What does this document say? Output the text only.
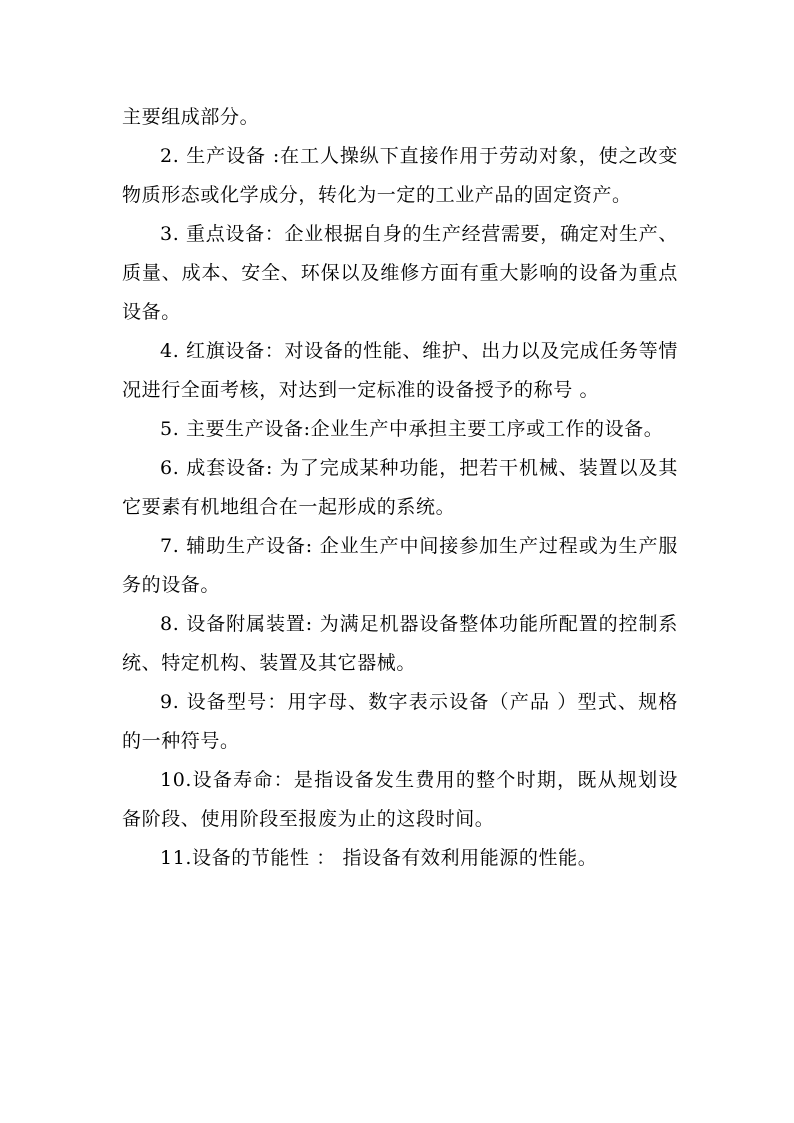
主要组成部分。

2. 生产设备 :在工人操纵下直接作用于劳动对象，使之改变物质形态或化学成分，转化为一定的工业产品的固定资产。

3. 重点设备：企业根据自身的生产经营需要，确定对生产、质量、成本、安全、环保以及维修方面有重大影响的设备为重点设备。

4. 红旗设备：对设备的性能、维护、出力以及完成任务等情况进行全面考核，对达到一定标准的设备授予的称号 。

5. 主要生产设备:企业生产中承担主要工序或工作的设备。

6. 成套设备: 为了完成某种功能，把若干机械、装置以及其它要素有机地组合在一起形成的系统。

7. 辅助生产设备: 企业生产中间接参加生产过程或为生产服务的设备。

8. 设备附属装置: 为满足机器设备整体功能所配置的控制系统、特定机构、装置及其它器械。

9. 设备型号：用字母、数字表示设备（产品 ）型式、规格的一种符号。

10.设备寿命：是指设备发生费用的整个时期，既从规划设备阶段、使用阶段至报废为止的这段时间。

11.设备的节能性 ： 指设备有效利用能源的性能。
